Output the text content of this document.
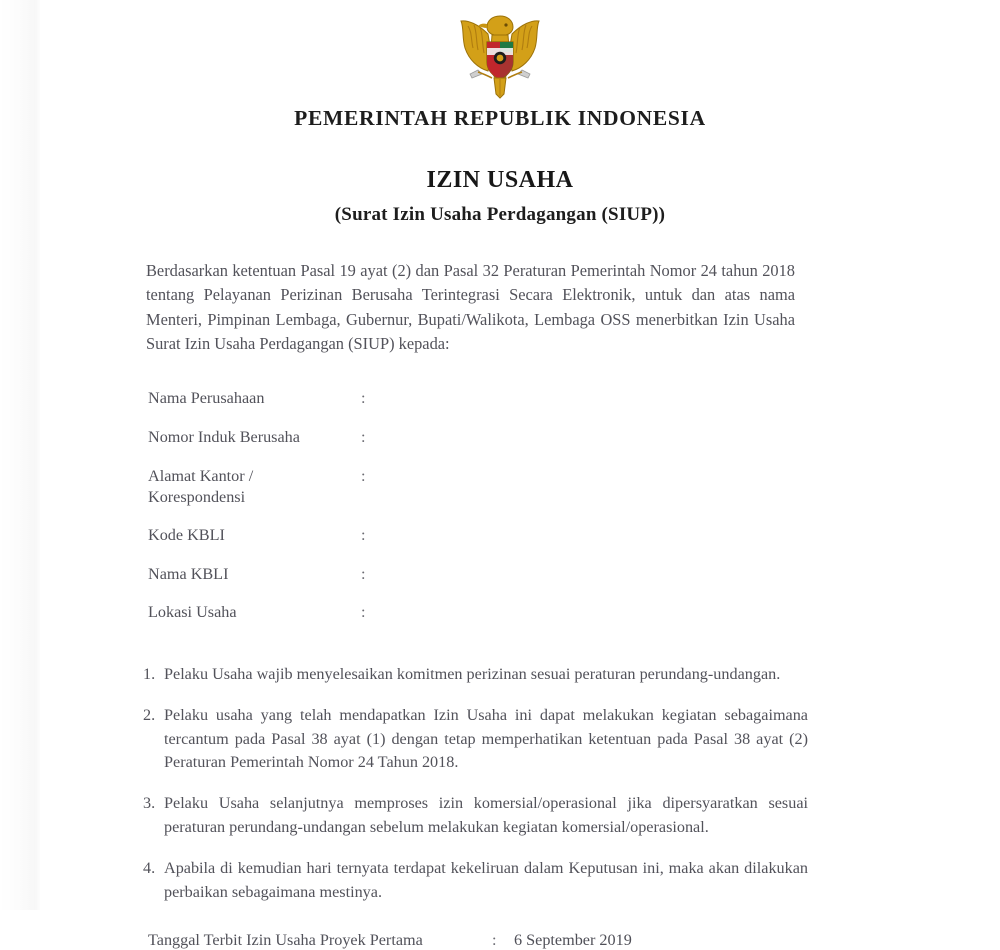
PEMERINTAH REPUBLIK INDONESIA
IZIN USAHA
(Surat Izin Usaha Perdagangan (SIUP))

Berdasarkan ketentuan Pasal 19 ayat (2) dan Pasal 32 Peraturan Pemerintah Nomor 24 tahun 2018 tentang Pelayanan Perizinan Berusaha Terintegrasi Secara Elektronik, untuk dan atas nama Menteri, Pimpinan Lembaga, Gubernur, Bupati/Walikota, Lembaga OSS menerbitkan Izin Usaha Surat Izin Usaha Perdagangan (SIUP) kepada:

Nama Perusahaan	:	
Nomor Induk Berusaha	:	
Alamat Kantor /
Korespondensi	:	
Kode KBLI	:	
Nama KBLI	:	
Lokasi Usaha	:	
1. Pelaku Usaha wajib menyelesaikan komitmen perizinan sesuai peraturan perundang-undangan.
2. Pelaku usaha yang telah mendapatkan Izin Usaha ini dapat melakukan kegiatan sebagaimana tercantum pada Pasal 38 ayat (1) dengan tetap memperhatikan ketentuan pada Pasal 38 ayat (2) Peraturan Pemerintah Nomor 24 Tahun 2018.
3. Pelaku Usaha selanjutnya memproses izin komersial/operasional jika dipersyaratkan sesuai peraturan perundang-undangan sebelum melakukan kegiatan komersial/operasional.
4. Apabila di kemudian hari ternyata terdapat kekeliruan dalam Keputusan ini, maka akan dilakukan perbaikan sebagaimana mestinya.
Tanggal Terbit Izin Usaha Proyek Pertama	:	6 September 2019
